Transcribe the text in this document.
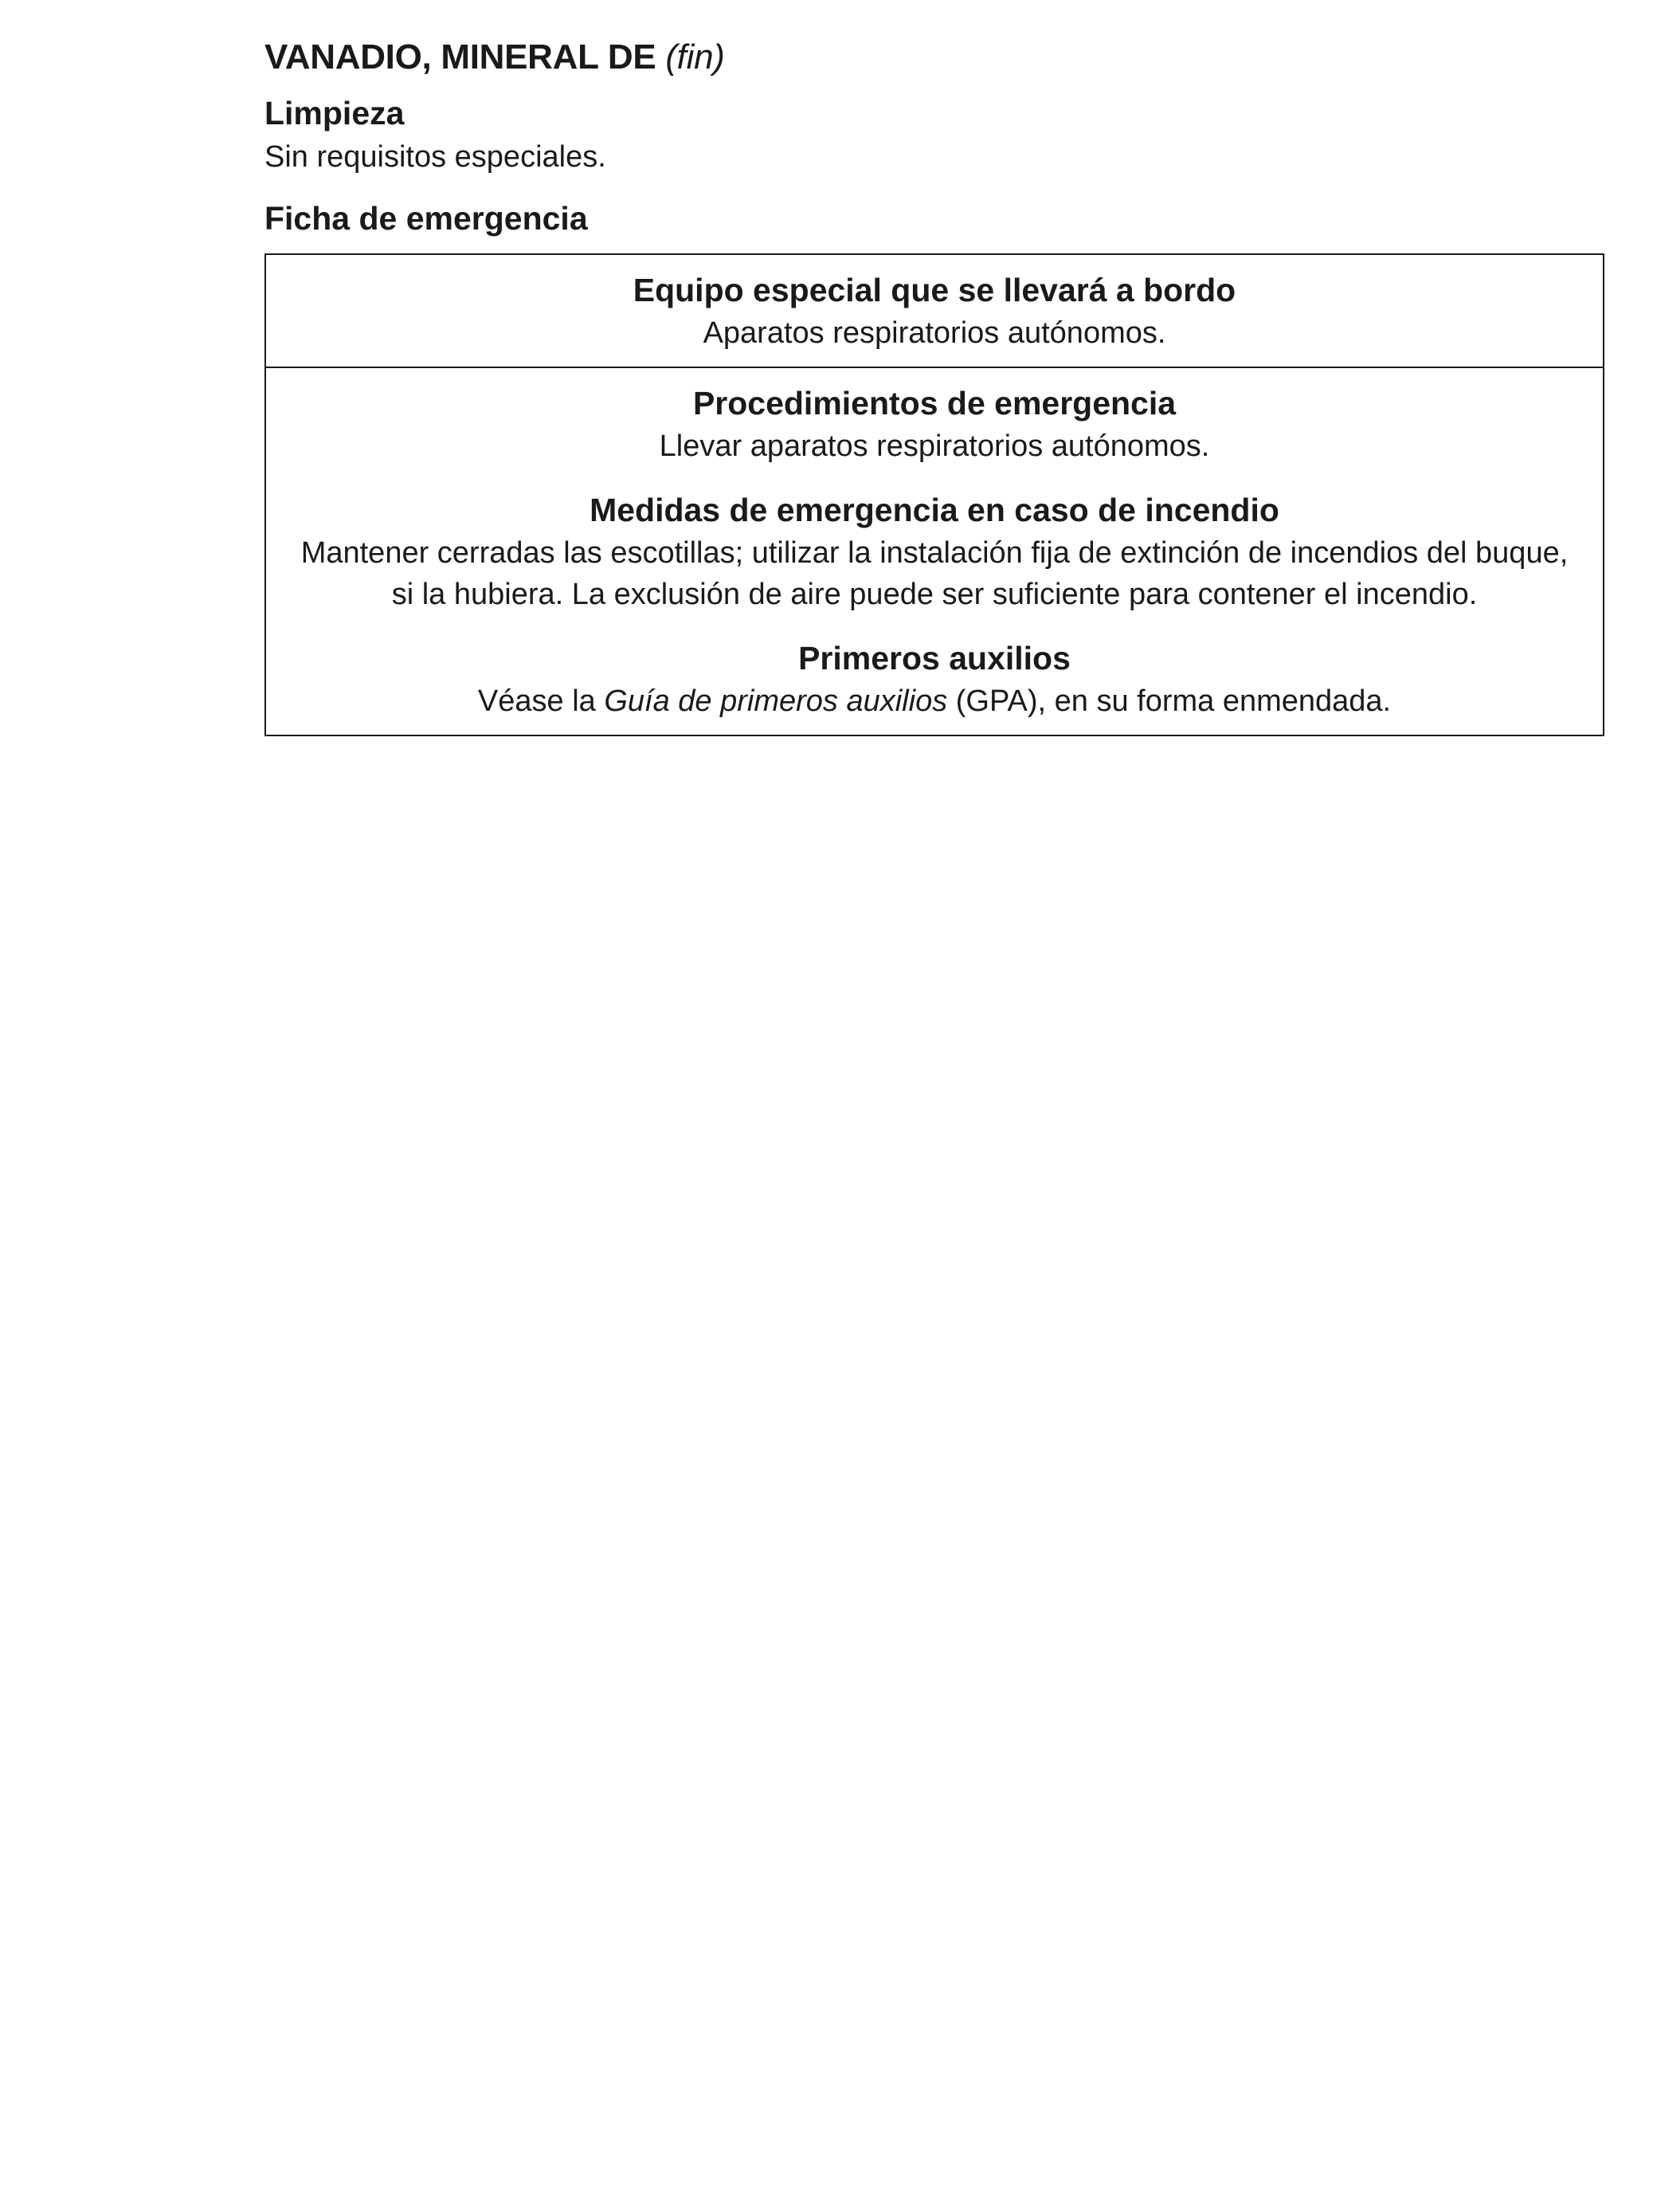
VANADIO, MINERAL DE (fin)

Limpieza

Sin requisitos especiales.

Ficha de emergencia

Equipo especial que se llevará a bordo

Aparatos respiratorios autónomos.

Procedimientos de emergencia

Llevar aparatos respiratorios autónomos.

Medidas de emergencia en caso de incendio

Mantener cerradas las escotillas; utilizar la instalación fija de extinción de incendios del buque,
si la hubiera. La exclusión de aire puede ser suficiente para contener el incendio.

Primeros auxilios

Véase la Guía de primeros auxilios (GPA), en su forma enmendada.
